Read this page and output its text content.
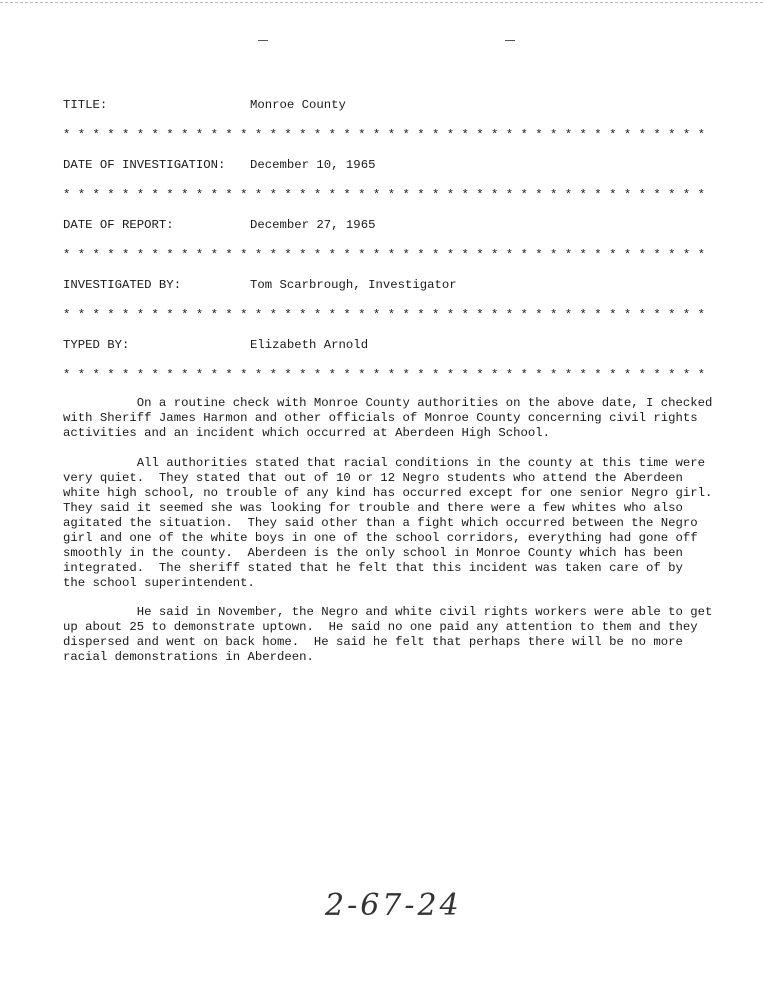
TITLE:	Monroe County
* * * * * * * * * * * * * * * * * * * * * * * * * * * * * * * * * * * * * * * * * * * *
DATE OF INVESTIGATION: December 10, 1965
* * * * * * * * * * * * * * * * * * * * * * * * * * * * * * * * * * * * * * * * * * * *
DATE OF REPORT:	December 27, 1965
* * * * * * * * * * * * * * * * * * * * * * * * * * * * * * * * * * * * * * * * * * * *
INVESTIGATED BY:	Tom Scarbrough, Investigator
* * * * * * * * * * * * * * * * * * * * * * * * * * * * * * * * * * * * * * * * * * * *
TYPED BY:	Elizabeth Arnold
* * * * * * * * * * * * * * * * * * * * * * * * * * * * * * * * * * * * * * * * * * * *
On a routine check with Monroe County authorities on the above date, I checked
with Sheriff James Harmon and other officials of Monroe County concerning civil rights
activities and an incident which occurred at Aberdeen High School.
All authorities stated that racial conditions in the county at this time were
very quiet.  They stated that out of 10 or 12 Negro students who attend the Aberdeen
white high school, no trouble of any kind has occurred except for one senior Negro girl.
They said it seemed she was looking for trouble and there were a few whites who also
agitated the situation.  They said other than a fight which occurred between the Negro
girl and one of the white boys in one of the school corridors, everything had gone off
smoothly in the county.  Aberdeen is the only school in Monroe County which has been
integrated.  The sheriff stated that he felt that this incident was taken care of by
the school superintendent.
He said in November, the Negro and white civil rights workers were able to get
up about 25 to demonstrate uptown.  He said no one paid any attention to them and they
dispersed and went on back home.  He said he felt that perhaps there will be no more
racial demonstrations in Aberdeen.
2-67-24
